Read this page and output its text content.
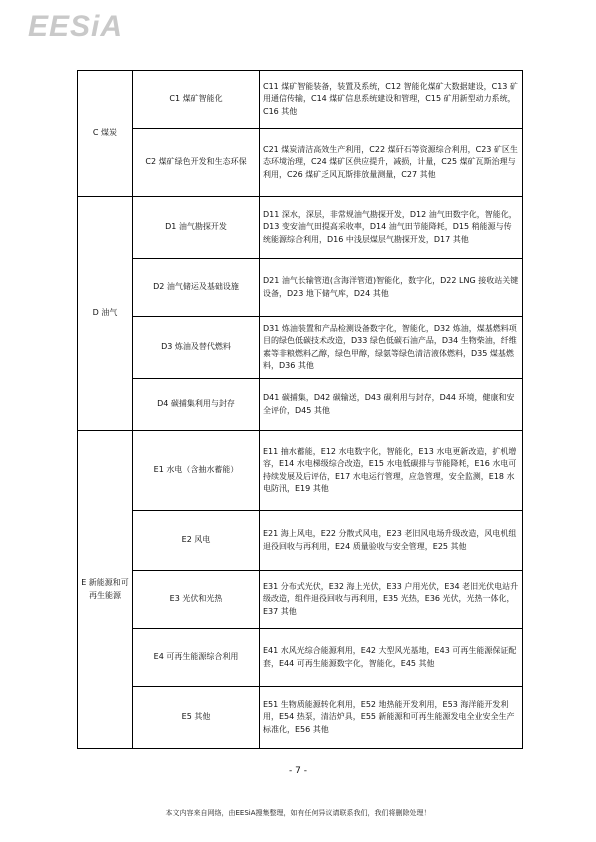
EESiA
C 煤炭	C1 煤矿智能化	C11 煤矿智能装备，装置及系统，C12 智能化煤矿大数据建设，C13 矿用通信传输，C14 煤矿信息系统建设和管理，C15 矿用新型动力系统，C16 其他
	C2 煤矿绿色开发和生态环保	C21 煤炭清洁高效生产利用，C22 煤矸石等资源综合利用，C23 矿区生态环境治理，C24 煤矿区供应提升，减损，计量，C25 煤矿瓦斯治理与利用，C26 煤矿乏风瓦斯排放量测量，C27 其他
D 油气	D1 油气勘探开发	D11 深水，深层，非常规油气勘探开发，D12 油气田数字化，智能化，D13 变安油气田提高采收率，D14 油气田节能降耗，D15 稍能源与传统能源综合利用，D16 中浅层煤层气勘探开发，D17 其他
	D2 油气储运及基础设施	D21 油气长输管道(含海洋管道)智能化，数字化，D22 LNG 接收站关键设备，D23 地下储气库，D24 其他
	D3 炼油及替代燃料	D31 炼油装置和产品检测设备数字化，智能化，D32 炼油，煤基燃料项目的绿色低碳技术改造，D33 绿色低碳石油产品，D34 生物柴油，纤维素等非粮燃料乙醇，绿色甲醇，绿氨等绿色清洁液体燃料，D35 煤基燃料，D36 其他
	D4 碳捕集利用与封存	D41 碳捕集，D42 碳输送，D43 碳利用与封存，D44 环境，健康和安全评价，D45 其他
E 新能源和可再生能源	E1 水电（含抽水蓄能）	E11 抽水蓄能，E12 水电数字化，智能化，E13 水电更新改造，扩机增容，E14 水电梯级综合改造，E15 水电低碳排与节能降耗，E16 水电可持续发展及后评估，E17 水电运行管理，应急管理，安全监测，E18 水电防汛，E19 其他
	E2 风电	E21 海上风电，E22 分散式风电，E23 老旧风电场升级改造，风电机组退役回收与再利用，E24 质量验收与安全管理，E25 其他
	E3 光伏和光热	E31 分布式光伏，E32 海上光伏，E33 户用光伏，E34 老旧光伏电站升级改造，组件退役回收与再利用，E35 光热，E36 光伏，光热一体化，E37 其他
	E4 可再生能源综合利用	E41 水风光综合能源利用，E42 大型风光基地，E43 可再生能源保证配套，E44 可再生能源数字化，智能化，E45 其他
	E5 其他	E51 生物质能源转化利用，E52 地热能开发利用，E53 海洋能开发利用，E54 热泵，清洁炉具，E55 新能源和可再生能源发电全业安全生产标准化，E56 其他
- 7 -
本文内容来自网络，由EESiA搜集整理，如有任何异议请联系我们，我们将删除处理！
